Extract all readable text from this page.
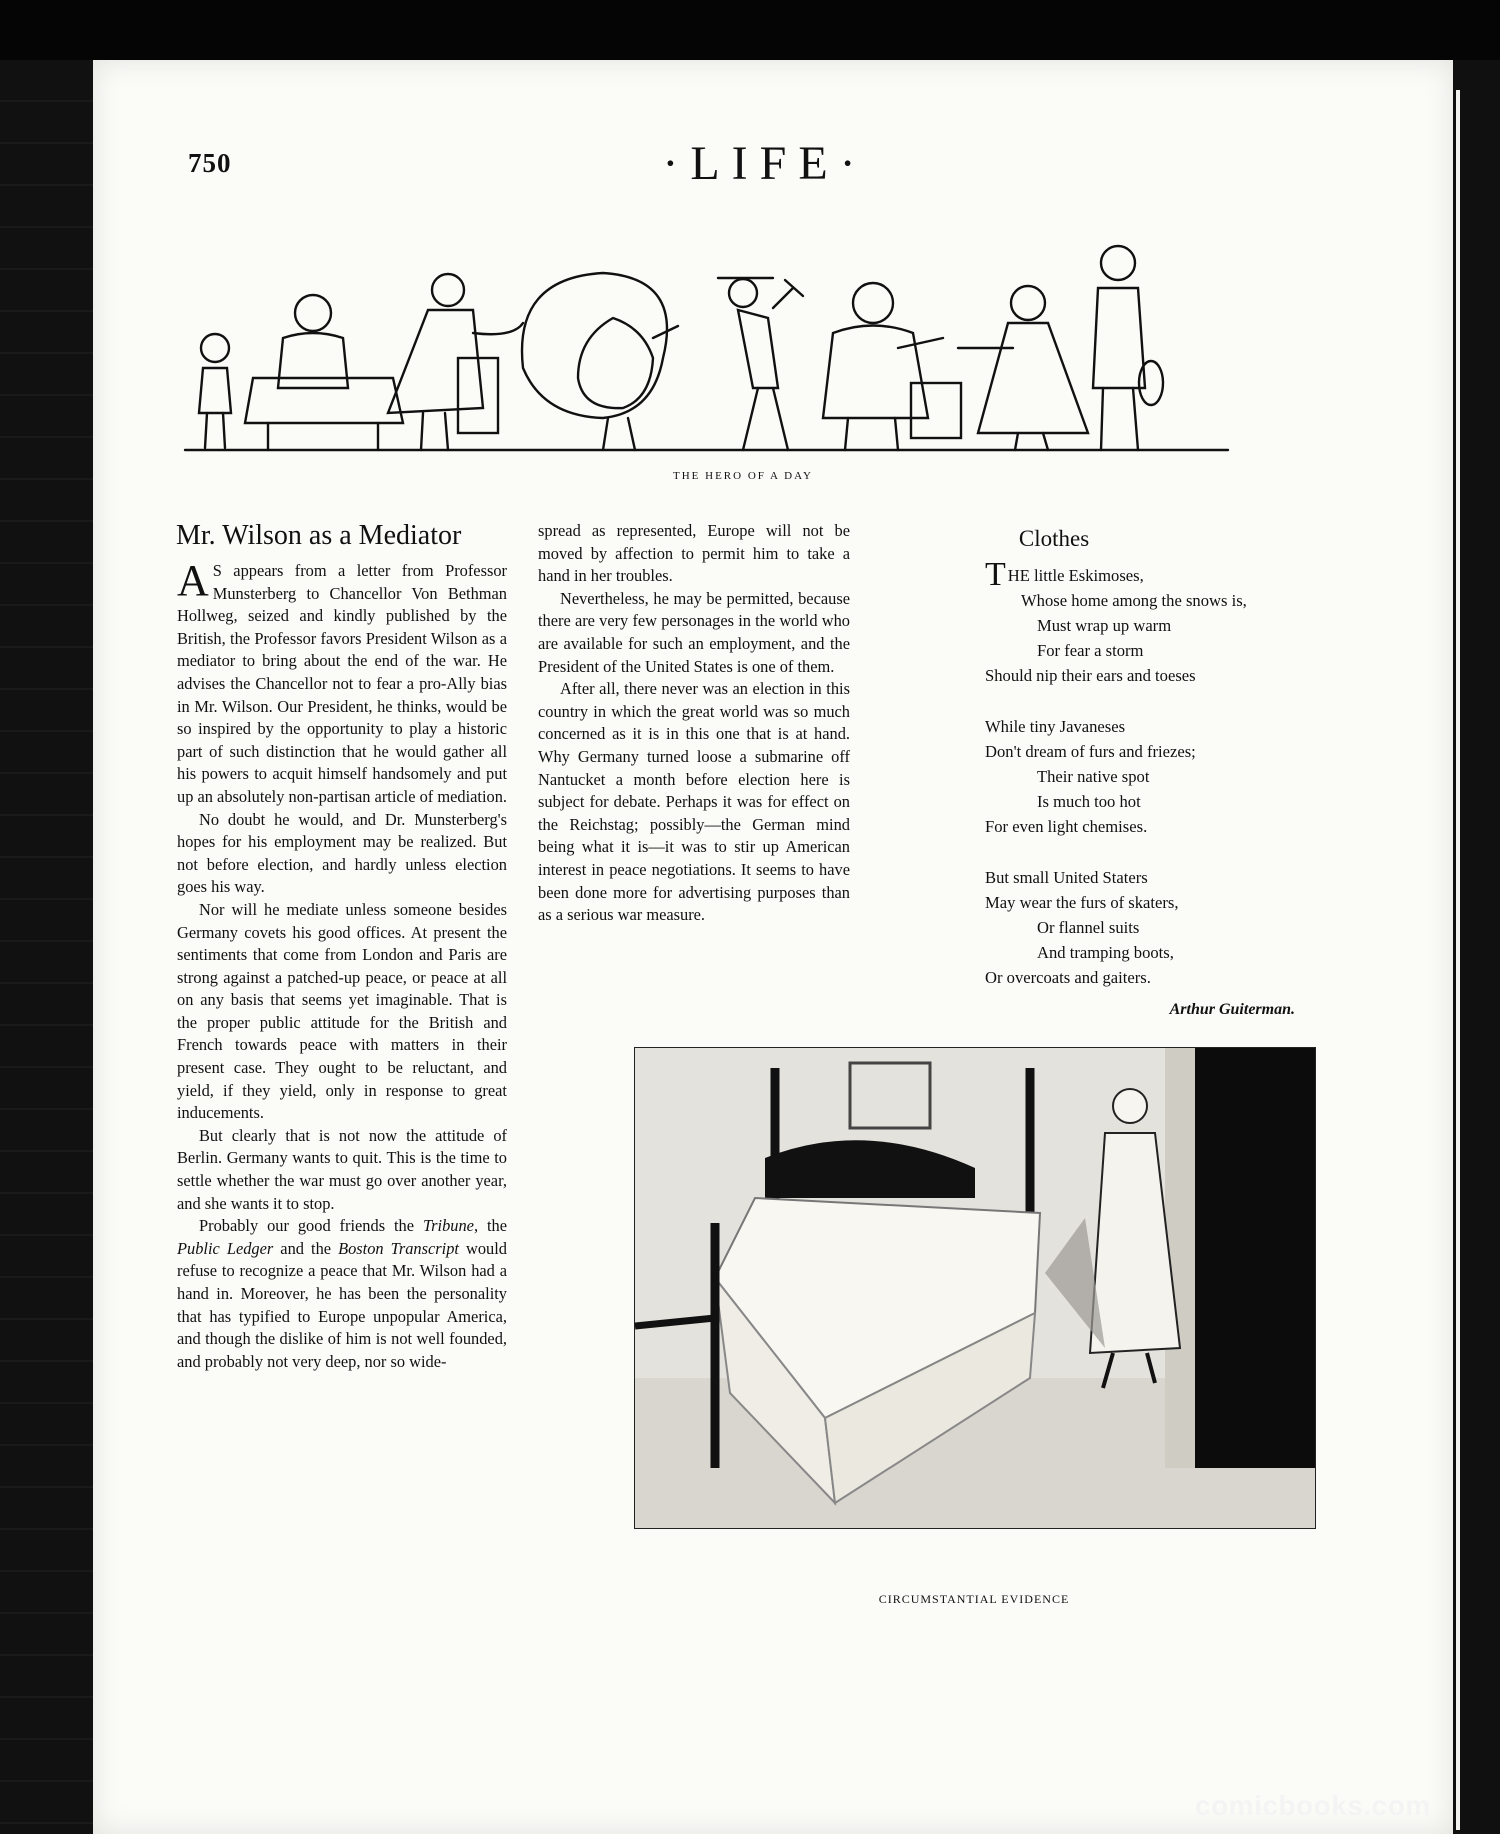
750	·LIFE·
THE HERO OF A DAY
Mr. Wilson as a Mediator

A S appears from a letter from Professor Munsterberg to Chancellor Von Bethman Hollweg, seized and kindly published by the British, the Professor favors President Wilson as a mediator to bring about the end of the war. He advises the Chancellor not to fear a pro-Ally bias in Mr. Wilson. Our President, he thinks, would be so inspired by the opportunity to play a historic part of such distinction that he would gather all his powers to acquit himself handsomely and put up an absolutely non-partisan article of mediation.

No doubt he would, and Dr. Munsterberg's hopes for his employment may be realized. But not before election, and hardly unless election goes his way.

Nor will he mediate unless someone besides Germany covets his good offices. At present the sentiments that come from London and Paris are strong against a patched-up peace, or peace at all on any basis that seems yet imaginable. That is the proper public attitude for the British and French towards peace with matters in their present case. They ought to be reluctant, and yield, if they yield, only in response to great inducements.

But clearly that is not now the attitude of Berlin. Germany wants to quit. This is the time to settle whether the war must go over another year, and she wants it to stop.

Probably our good friends the Tribune, the Public Ledger and the Boston Transcript would refuse to recognize a peace that Mr. Wilson had a hand in. Moreover, he has been the personality that has typified to Europe unpopular America, and though the dislike of him is not well founded, and probably not very deep, nor so wide-

spread as represented, Europe will not be moved by affection to permit him to take a hand in her troubles.

Nevertheless, he may be permitted, because there are very few personages in the world who are available for such an employment, and the President of the United States is one of them.

After all, there never was an election in this country in which the great world was so much concerned as it is in this one that is at hand. Why Germany turned loose a submarine off Nantucket a month before election here is subject for debate. Perhaps it was for effect on the Reichstag; possibly—the German mind being what it is—it was to stir up American interest in peace negotiations. It seems to have been done more for advertising purposes than as a serious war measure.

Clothes
THE little Eskimoses,
Whose home among the snows is,
Must wrap up warm
For fear a storm
Should nip their ears and toeses
While tiny Javaneses
Don't dream of furs and friezes;
Their native spot
Is much too hot
For even light chemises.
But small United Staters
May wear the furs of skaters,
Or flannel suits
And tramping boots,
Or overcoats and gaiters.
Arthur Guiterman.
CIRCUMSTANTIAL EVIDENCE
comicbooks.com
